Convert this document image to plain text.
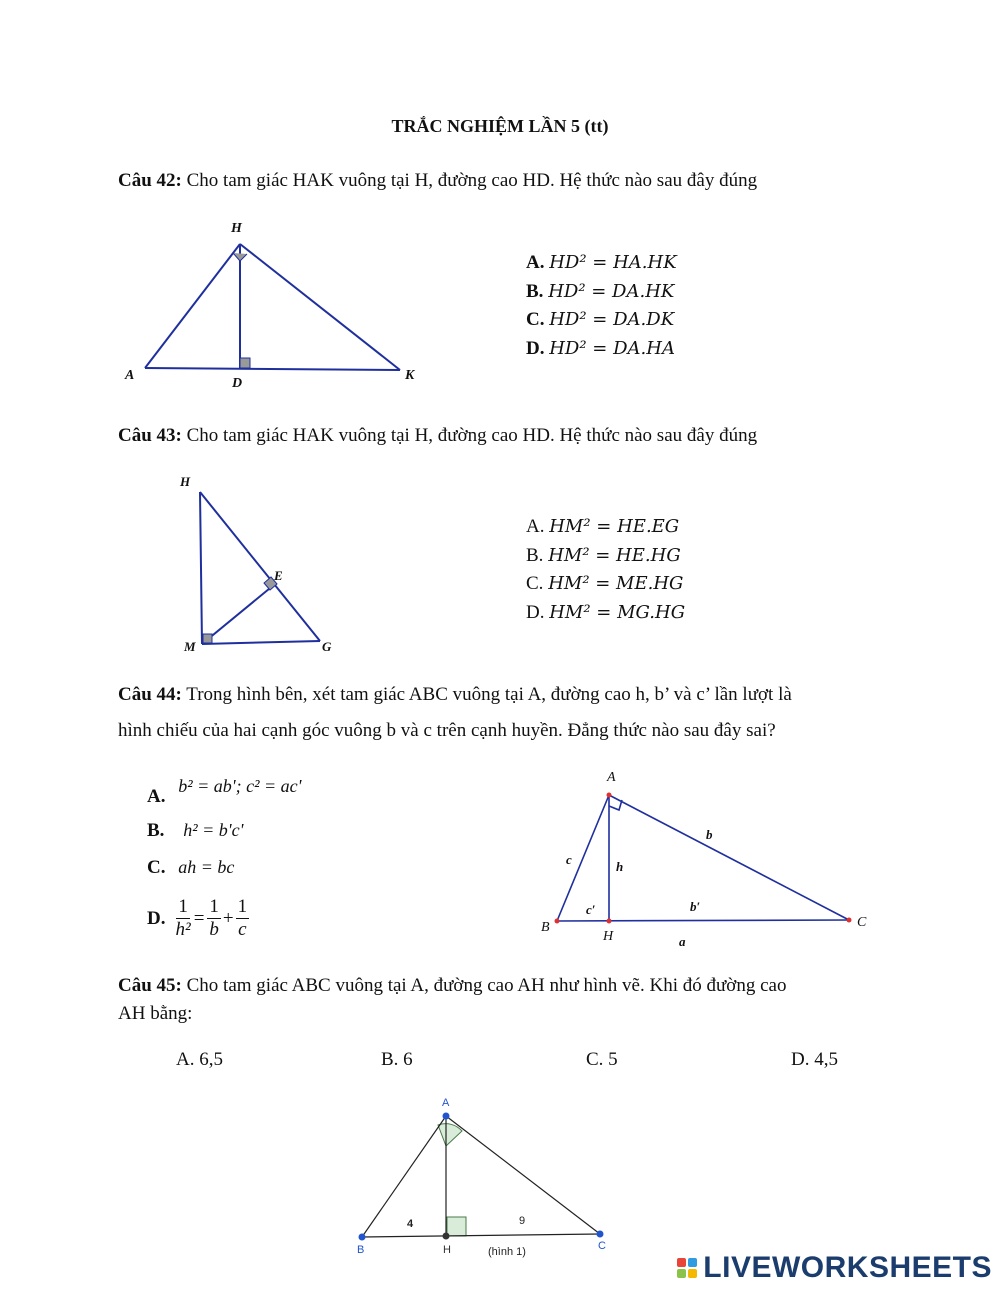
TRẮC NGHIỆM LẦN 5 (tt)
Câu 42: Cho tam giác HAK vuông tại H, đường cao HD. Hệ thức nào sau đây đúng
H
A
D
K
A. HD² = HA.HK
B. HD² = DA.HK
C. HD² = DA.DK
D. HD² = DA.HA
Câu 43: Cho tam giác HAK vuông tại H, đường cao HD. Hệ thức nào sau đây đúng
H
E
M	G
A. HM² = HE.EG
B. HM² = HE.HG
C. HM² = ME.HG
D. HM² = MG.HG
Câu 44: Trong hình bên, xét tam giác ABC vuông tại A, đường cao h, b’ và c’ lần lượt là
hình chiếu của hai cạnh góc vuông b và c trên cạnh huyền. Đẳng thức nào sau đây sai?
A. b² = ab'; c² = ac'
B. h² = b'c'
C. ah = bc
D. $\frac{1}{\text{h²}} = \frac{1}{b} + \frac{1}{c}$
A
B	C
H
b
c	h
c′	b′
a
Câu 45: Cho tam giác ABC vuông tại A, đường cao AH như hình vẽ. Khi đó đường cao
AH bằng:
A. 6,5	B. 6	C. 5	D. 4,5
A
B	C
H
4	9
(hình 1)	LIVEWORKSHEETS
